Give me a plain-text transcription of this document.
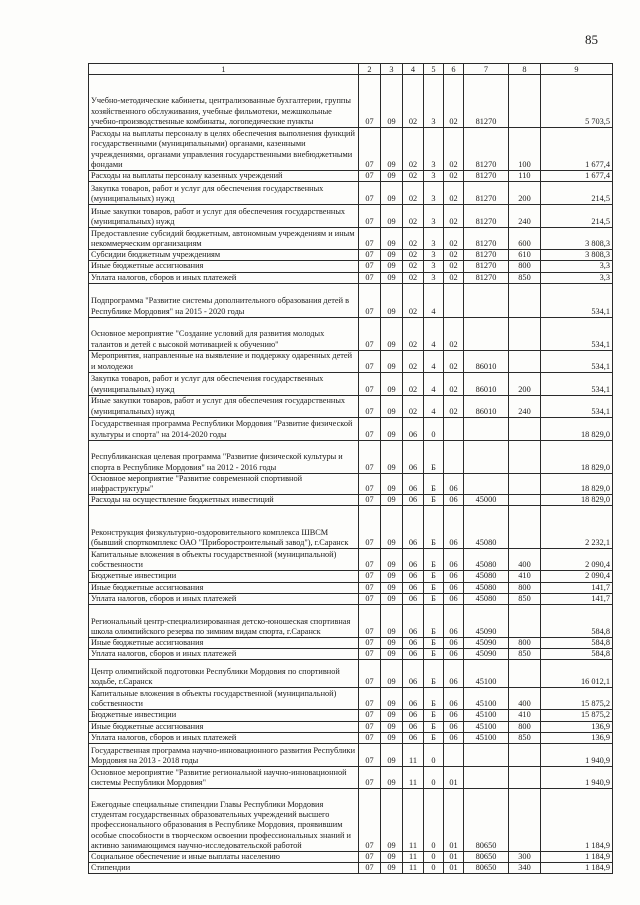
85
1	2	3	4	5	6	7	8	9
Учебно-методические кабинеты, централизованные бухгалтерии, группы хозяйственного обслуживания, учебные фильмотеки, межшкольные учебно-производственные комбинаты, логопедические пункты	07	09	02	3	02	81270		5 703,5
Расходы на выплаты персоналу в целях обеспечения выполнения функций государственными (муниципальными) органами, казенными учреждениями, органами управления государственными внебюджетными фондами	07	09	02	3	02	81270	100	1 677,4
Расходы на выплаты персоналу казенных учреждений	07	09	02	3	02	81270	110	1 677,4
Закупка товаров, работ и услуг для обеспечения государственных (муниципальных) нужд	07	09	02	3	02	81270	200	214,5
Иные закупки товаров, работ и услуг для обеспечения государственных (муниципальных) нужд	07	09	02	3	02	81270	240	214,5
Предоставление субсидий бюджетным, автономным учреждениям и иным некоммерческим организациям	07	09	02	3	02	81270	600	3 808,3
Субсидии бюджетным учреждениям	07	09	02	3	02	81270	610	3 808,3
Иные бюджетные ассигнования	07	09	02	3	02	81270	800	3,3
Уплата налогов, сборов и иных платежей	07	09	02	3	02	81270	850	3,3
Подпрограмма "Развитие системы дополнительного образования детей в Республике Мордовия" на 2015 - 2020 годы	07	09	02	4				534,1
Основное мероприятие "Создание условий для развития молодых талантов и детей с высокой мотивацией к обучению"	07	09	02	4	02			534,1
Мероприятия, направленные на выявление и поддержку одаренных детей и молодежи	07	09	02	4	02	86010		534,1
Закупка товаров, работ и услуг для обеспечения государственных (муниципальных) нужд	07	09	02	4	02	86010	200	534,1
Иные закупки товаров, работ и услуг для обеспечения государственных (муниципальных) нужд	07	09	02	4	02	86010	240	534,1
Государственная программа Республики Мордовия "Развитие физической культуры и спорта" на 2014-2020 годы	07	09	06	0				18 829,0
Республиканская целевая программа "Развитие физической культуры и спорта в Республике Мордовия" на 2012 - 2016 годы	07	09	06	Б				18 829,0
Основное мероприятие "Развитие современной спортивной инфраструктуры"	07	09	06	Б	06			18 829,0
Расходы на осуществление бюджетных инвестиций	07	09	06	Б	06	45000		18 829,0
Реконструкция физкультурно-оздоровительного комплекса ШВСМ (бывший спорткомплекс ОАО "Приборостроительный завод"), г.Саранск	07	09	06	Б	06	45080		2 232,1
Капитальные вложения в объекты государственной (муниципальной) собственности	07	09	06	Б	06	45080	400	2 090,4
Бюджетные инвестиции	07	09	06	Б	06	45080	410	2 090,4
Иные бюджетные ассигнования	07	09	06	Б	06	45080	800	141,7
Уплата налогов, сборов и иных платежей	07	09	06	Б	06	45080	850	141,7
Региональный центр-специализированная детско-юношеская спортивная школа олимпийского резерва по зимним видам спорта, г.Саранск	07	09	06	Б	06	45090		584,8
Иные бюджетные ассигнования	07	09	06	Б	06	45090	800	584,8
Уплата налогов, сборов и иных платежей	07	09	06	Б	06	45090	850	584,8
Центр олимпийской подготовки Республики Мордовия по спортивной ходьбе, г.Саранск	07	09	06	Б	06	45100		16 012,1
Капитальные вложения в объекты государственной (муниципальной) собственности	07	09	06	Б	06	45100	400	15 875,2
Бюджетные инвестиции	07	09	06	Б	06	45100	410	15 875,2
Иные бюджетные ассигнования	07	09	06	Б	06	45100	800	136,9
Уплата налогов, сборов и иных платежей	07	09	06	Б	06	45100	850	136,9
Государственная программа научно-инновационного развития Республики Мордовия на 2013 - 2018 годы	07	09	11	0				1 940,9
Основное мероприятие "Развитие региональной научно-инновационной системы Республики Мордовия"	07	09	11	0	01			1 940,9
Ежегодные специальные стипендии Главы Республики Мордовия студентам государственных образовательных учреждений высшего профессионального образования в Республике Мордовия, проявившим особые способности в творческом освоении профессиональных знаний и активно занимающимся научно-исследовательской работой	07	09	11	0	01	80650		1 184,9
Социальное обеспечение и иные выплаты населению	07	09	11	0	01	80650	300	1 184,9
Стипендии	07	09	11	0	01	80650	340	1 184,9
